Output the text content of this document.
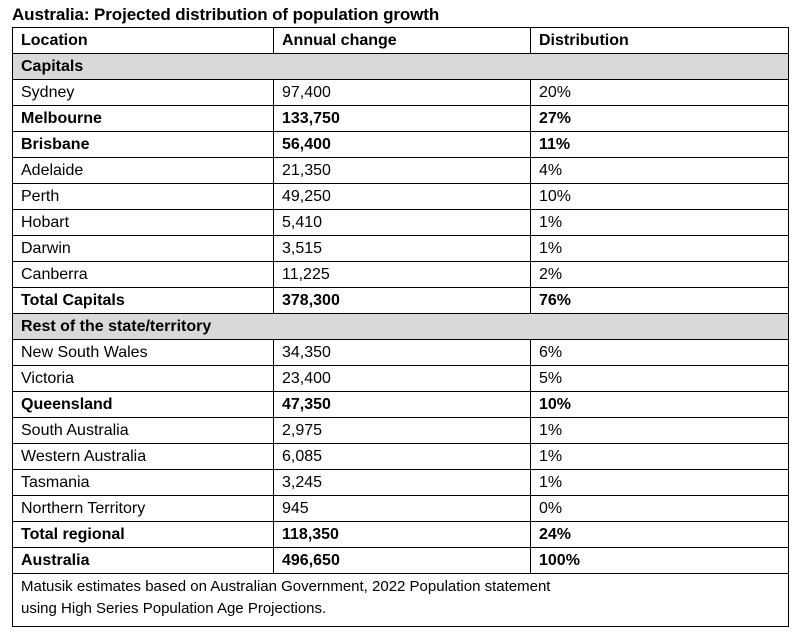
Australia: Projected distribution of population growth
Location	Annual change	Distribution
Capitals		
Sydney	97,400	20%
Melbourne	133,750	27%
Brisbane	56,400	11%
Adelaide	21,350	4%
Perth	49,250	10%
Hobart	5,410	1%
Darwin	3,515	1%
Canberra	11,225	2%
Total Capitals	378,300	76%
Rest of the state/territory		
New South Wales	34,350	6%
Victoria	23,400	5%
Queensland	47,350	10%
South Australia	2,975	1%
Western Australia	6,085	1%
Tasmania	3,245	1%
Northern Territory	945	0%
Total regional	118,350	24%
Australia	496,650	100%

Matusik estimates based on Australian Government, 2022 Population statement
using High Series Population Age Projections.		
